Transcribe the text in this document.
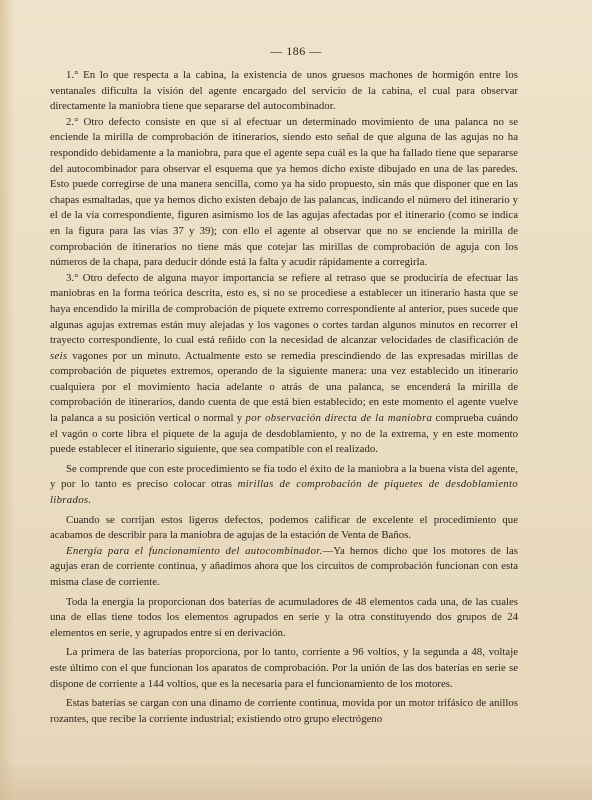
— 186 —

1.° En lo que respecta a la cabina, la existencia de unos gruesos machones de hormigón entre los ventanales dificulta la visión del agente encargado del servicio de la cabina, el cual para observar directamente la maniobra tiene que separarse del autocombinador.

2.° Otro defecto consiste en que si al efectuar un determinado movimiento de una palanca no se enciende la mirilla de comprobación de itinerarios, siendo esto señal de que alguna de las agujas no ha respondido debidamente a la maniobra, para que el agente sepa cuál es la que ha fallado tiene que separarse del autocombinador para observar el esquema que ya hemos dicho existe dibujado en una de las paredes. Esto puede corregirse de una manera sencilla, como ya ha sido propuesto, sin más que disponer que en las chapas esmaltadas, que ya hemos dicho existen debajo de las palancas, indicando el número del itinerario y el de la vía correspondiente, figuren asimismo los de las agujas afectadas por el itinerario (como se indica en la figura para las vías 37 y 39); con ello el agente al observar que no se enciende la mirilla de comprobación de itinerarios no tiene más que cotejar las mirillas de comprobación de aguja con los números de la chapa, para deducir dónde está la falta y acudir rápidamente a corregirla.

3.° Otro defecto de alguna mayor importancia se refiere al retraso que se produciría de efectuar las maniobras en la forma teórica descrita, esto es, si no se procediese a establecer un itinerario hasta que se haya encendido la mirilla de comprobación de piquete extremo correspondiente al anterior, pues sucede que algunas agujas extremas están muy alejadas y los vagones o cortes tardan algunos minutos en recorrer el trayecto correspondiente, lo cual está reñido con la necesidad de alcanzar velocidades de clasificación de seis vagones por un minuto. Actualmente esto se remedia prescindiendo de las expresadas mirillas de comprobación de piquetes extremos, operando de la siguiente manera: una vez establecido un itinerario cualquiera por el movimiento hacia adelante o atrás de una palanca, se encenderá la mirilla de comprobación de itinerarios, dando cuenta de que está bien establecido; en este momento el agente vuelve la palanca a su posición vertical o normal y por observación directa de la maniobra comprueba cuándo el vagón o corte libra el piquete de la aguja de desdoblamiento, y no de la extrema, y en este momento puede establecer el itinerario siguiente, que sea compatible con el realizado.

Se comprende que con este procedimiento se fía todo el éxito de la maniobra a la buena vista del agente, y por lo tanto es preciso colocar otras mirillas de comprobación de piquetes de desdoblamiento librados.

Cuando se corrijan estos ligeros defectos, podemos calificar de excelente el procedimiento que acabamos de describir para la maniobra de agujas de la estación de Venta de Baños.

Energía para el funcionamiento del autocombinador.—Ya hemos dicho que los motores de las agujas eran de corriente continua, y añadimos ahora que los circuitos de comprobación funcionan con esta misma clase de corriente.

Toda la energía la proporcionan dos baterías de acumuladores de 48 elementos cada una, de las cuales una de ellas tiene todos los elementos agrupados en serie y la otra constituyendo dos grupos de 24 elementos en serie, y agrupados entre sí en derivación.

La primera de las baterías proporciona, por lo tanto, corriente a 96 voltios, y la segunda a 48, voltaje este último con el que funcionan los aparatos de comprobación. Por la unión de las dos baterías en serie se dispone de corriente a 144 voltios, que es la necesaria para el funcionamiento de los motores.

Estas baterías se cargan con una dinamo de corriente continua, movida por un motor trifásico de anillos rozantes, que recibe la corriente industrial; existiendo otro grupo electrógeno
